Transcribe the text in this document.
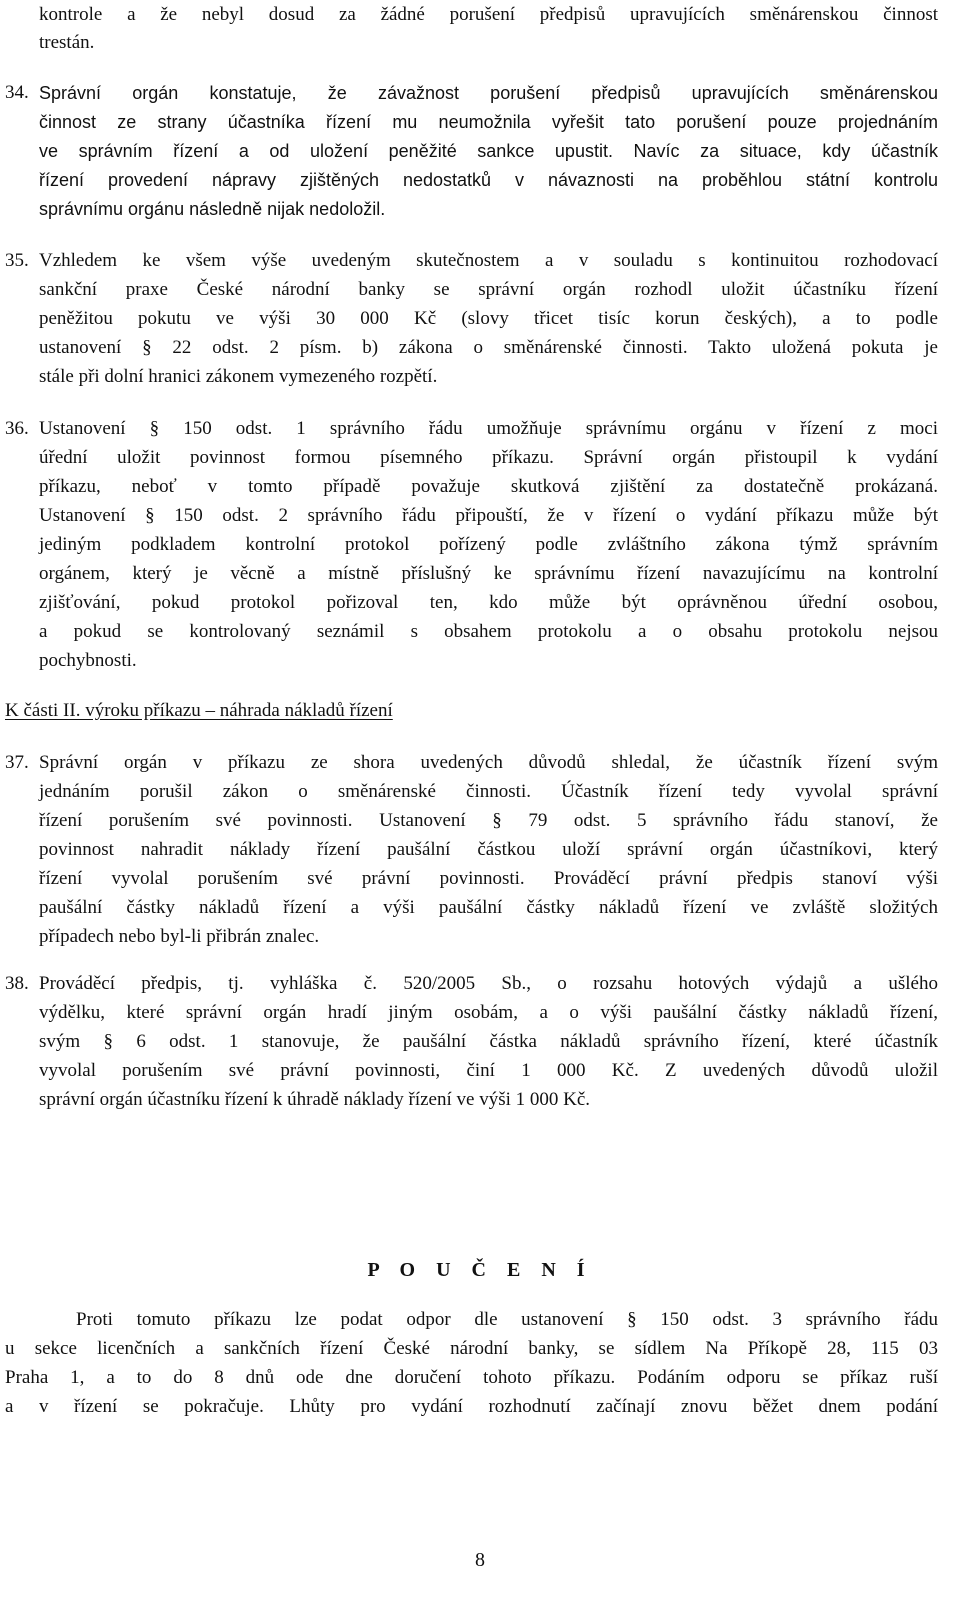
kontrole a že nebyl dosud za žádné porušení předpisů upravujících směnárenskou činnost
trestán.
34. Správní orgán konstatuje, že závažnost porušení předpisů upravujících směnárenskou
činnost ze strany účastníka řízení mu neumožnila vyřešit tato porušení pouze projednáním
ve správním řízení a od uložení peněžité sankce upustit. Navíc za situace, kdy účastník
řízení provedení nápravy zjištěných nedostatků v návaznosti na proběhlou státní kontrolu
správnímu orgánu následně nijak nedoložil.
35. Vzhledem ke všem výše uvedeným skutečnostem a v souladu s kontinuitou rozhodovací
sankční praxe České národní banky se správní orgán rozhodl uložit účastníku řízení
peněžitou pokutu ve výši 30 000 Kč (slovy třicet tisíc korun českých), a to podle
ustanovení § 22 odst. 2 písm. b) zákona o směnárenské činnosti. Takto uložená pokuta je
stále při dolní hranici zákonem vymezeného rozpětí.
36. Ustanovení § 150 odst. 1 správního řádu umožňuje správnímu orgánu v řízení z moci
úřední uložit povinnost formou písemného příkazu. Správní orgán přistoupil k vydání
příkazu, neboť v tomto případě považuje skutková zjištění za dostatečně prokázaná.
Ustanovení § 150 odst. 2 správního řádu připouští, že v řízení o vydání příkazu může být
jediným podkladem kontrolní protokol pořízený podle zvláštního zákona týmž správním
orgánem, který je věcně a místně příslušný ke správnímu řízení navazujícímu na kontrolní
zjišťování, pokud protokol pořizoval ten, kdo může být oprávněnou úřední osobou,
a pokud se kontrolovaný seznámil s obsahem protokolu a o obsahu protokolu nejsou
pochybnosti.
K části II. výroku příkazu – náhrada nákladů řízení
37. Správní orgán v příkazu ze shora uvedených důvodů shledal, že účastník řízení svým
jednáním porušil zákon o směnárenské činnosti. Účastník řízení tedy vyvolal správní
řízení porušením své povinnosti. Ustanovení § 79 odst. 5 správního řádu stanoví, že
povinnost nahradit náklady řízení paušální částkou uloží správní orgán účastníkovi, který
řízení vyvolal porušením své právní povinnosti. Prováděcí právní předpis stanoví výši
paušální částky nákladů řízení a výši paušální částky nákladů řízení ve zvláště složitých
případech nebo byl-li přibrán znalec.
38. Prováděcí předpis, tj. vyhláška č. 520/2005 Sb., o rozsahu hotových výdajů a ušlého
výdělku, které správní orgán hradí jiným osobám, a o výši paušální částky nákladů řízení,
svým § 6 odst. 1 stanovuje, že paušální částka nákladů správního řízení, které účastník
vyvolal porušením své právní povinnosti, činí 1 000 Kč. Z uvedených důvodů uložil
správní orgán účastníku řízení k úhradě náklady řízení ve výši 1 000 Kč.
P O U Č E N Í
Proti tomuto příkazu lze podat odpor dle ustanovení § 150 odst. 3 správního řádu
u sekce licenčních a sankčních řízení České národní banky, se sídlem Na Příkopě 28, 115 03
Praha 1, a to do 8 dnů ode dne doručení tohoto příkazu. Podáním odporu se příkaz ruší
a v řízení se pokračuje. Lhůty pro vydání rozhodnutí začínají znovu běžet dnem podání
8
